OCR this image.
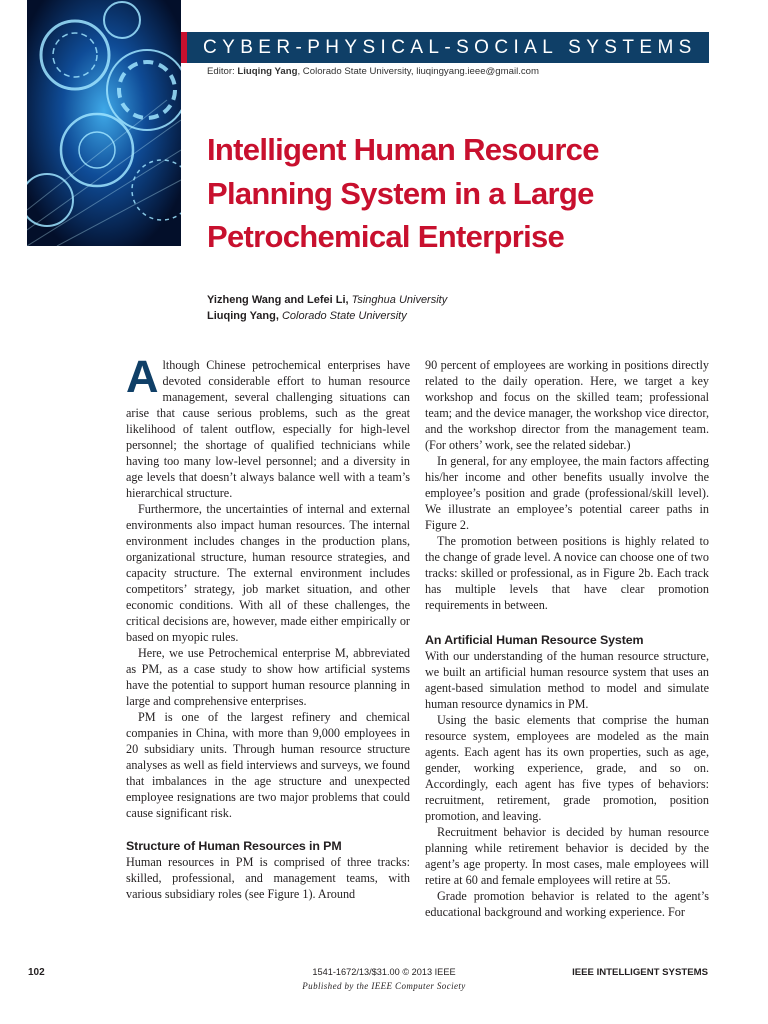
CYBER-PHYSICAL-SOCIAL SYSTEMS
Editor: Liuqing Yang, Colorado State University, liuqingyang.ieee@gmail.com
Intelligent Human Resource Planning System in a Large Petrochemical Enterprise
Yizheng Wang and Lefei Li, Tsinghua University
Liuqing Yang, Colorado State University

Although Chinese petrochemical enterprises have devoted considerable effort to human resource management, several challenging situations can arise that cause serious problems, such as the great likelihood of talent outflow, especially for high-level personnel; the shortage of qualified technicians while having too many low-level personnel; and a diversity in age levels that doesn’t always balance well with a team’s hierarchical structure.

Furthermore, the uncertainties of internal and external environments also impact human resources. The internal environment includes changes in the production plans, organizational structure, human resource strategies, and capacity structure. The external environment includes competitors’ strategy, job market situation, and other economic conditions. With all of these challenges, the critical decisions are, however, made either empirically or based on myopic rules.

Here, we use Petrochemical enterprise M, abbreviated as PM, as a case study to show how artificial systems have the potential to support human resource planning in large and comprehensive enterprises.

PM is one of the largest refinery and chemical companies in China, with more than 9,000 employees in 20 subsidiary units. Through human resource structure analyses as well as field interviews and surveys, we found that imbalances in the age structure and unexpected employee resignations are two major problems that could cause significant risk.

Structure of Human Resources in PM

Human resources in PM is comprised of three tracks: skilled, professional, and management teams, with various subsidiary roles (see Figure 1). Around

90 percent of employees are working in positions directly related to the daily operation. Here, we target a key workshop and focus on the skilled team; professional team; and the device manager, the workshop vice director, and the workshop director from the management team. (For others’ work, see the related sidebar.)

In general, for any employee, the main factors affecting his/her income and other benefits usually involve the employee’s position and grade (professional/skill level). We illustrate an employee’s potential career paths in Figure 2.

The promotion between positions is highly related to the change of grade level. A novice can choose one of two tracks: skilled or professional, as in Figure 2b. Each track has multiple levels that have clear promotion requirements in between.

An Artificial Human Resource System

With our understanding of the human resource structure, we built an artificial human resource system that uses an agent-based simulation method to model and simulate human resource dynamics in PM.

Using the basic elements that comprise the human resource system, employees are modeled as the main agents. Each agent has its own properties, such as age, gender, working experience, grade, and so on. Accordingly, each agent has five types of behaviors: recruitment, retirement, grade promotion, position promotion, and leaving.

Recruitment behavior is decided by human resource planning while retirement behavior is decided by the agent’s age property. In most cases, male employees will retire at 60 and female employees will retire at 55.

Grade promotion behavior is related to the agent’s educational background and working experience. For

102	1541-1672/13/$31.00 © 2013 IEEE	IEEE INTELLIGENT SYSTEMS
Published by the IEEE Computer Society
